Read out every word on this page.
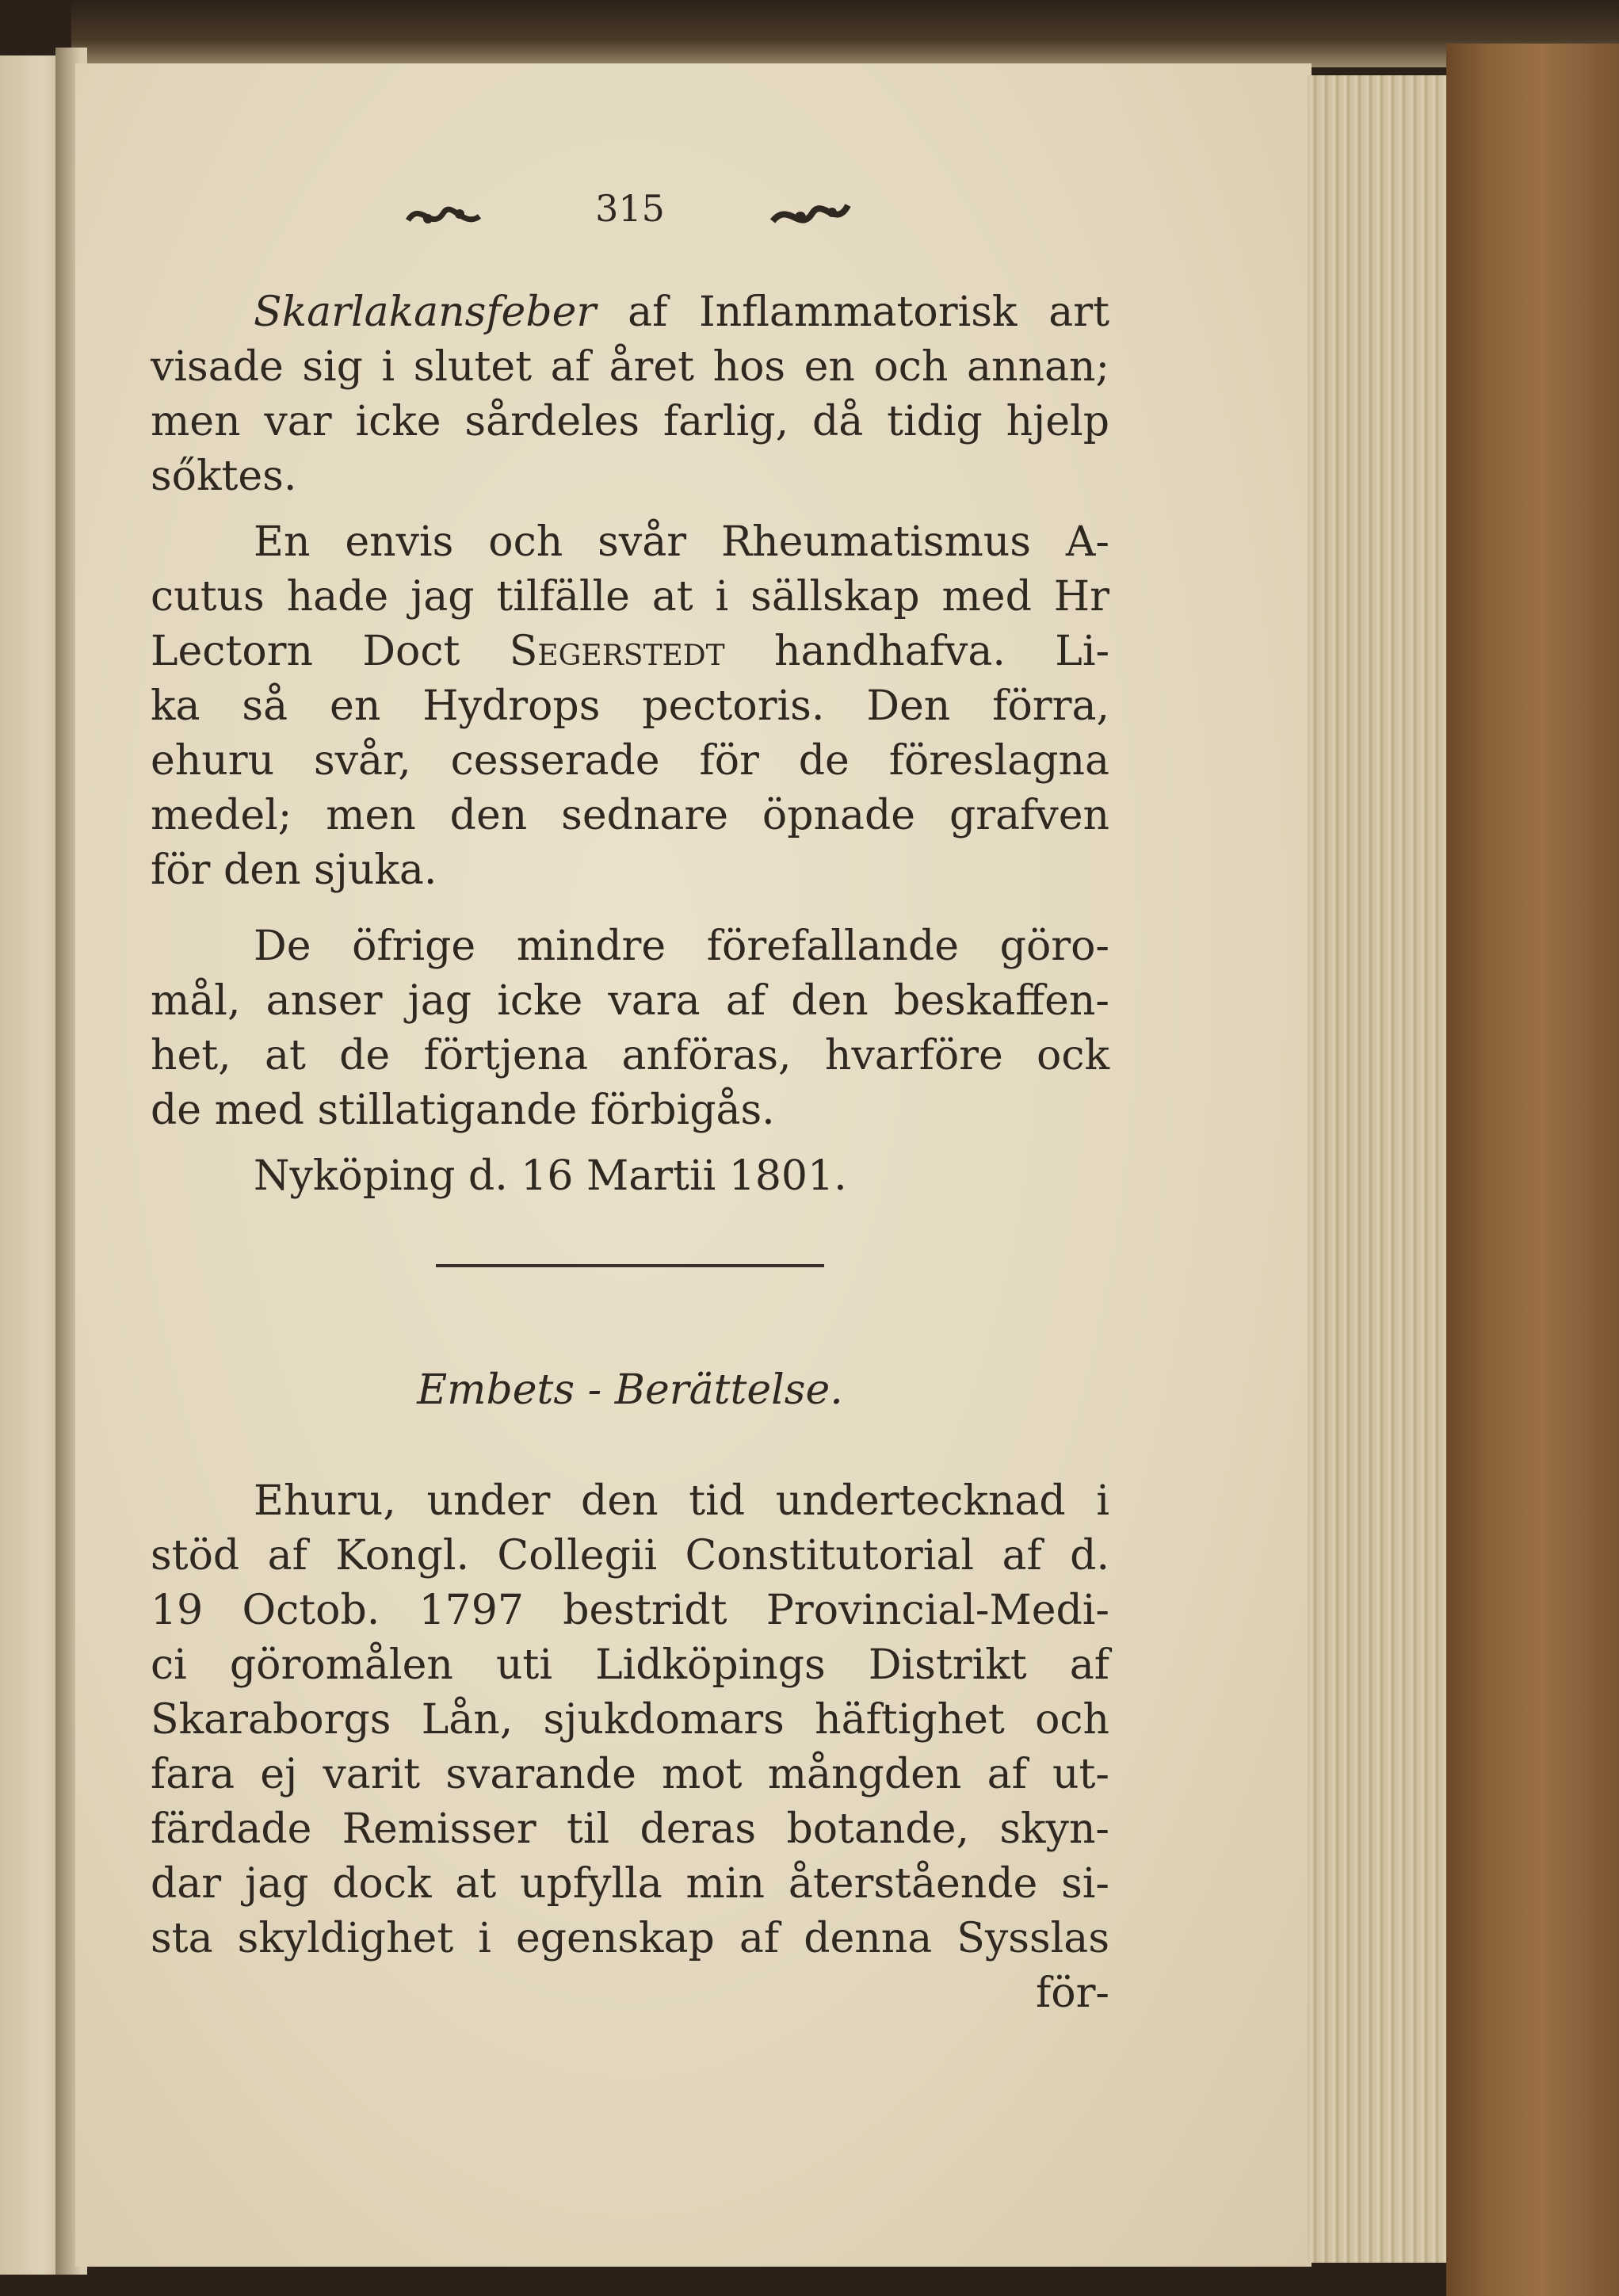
315
Skarlakansfeber af Inflammatorisk art
visade sig i slutet af året hos en och annan;
men var icke sårdeles farlig, då tidig hjelp
sőktes.
En envis och svår Rheumatismus A-
cutus hade jag tilfälle at i sällskap med Hr
Lectorn Doct Segerstedt handhafva. Li-
ka så en Hydrops pectoris. Den förra,
ehuru svår, cesserade för de föreslagna
medel; men den sednare öpnade grafven
för den sjuka.
De öfrige mindre förefallande görо-
mål, anser jag icke vara af den beskaffen-
het, at de förtjena anföras, hvarföre ock
de med stillatigande förbigås.
Nyköping d. 16 Martii 1801.
Embets - Berättelse.
Ehuru, under den tid undertecknad i
stöd af Kongl. Collegii Constitutorial af d.
19 Octob. 1797 bestridt Provincial-Medi-
ci göromålen uti Lidköpings Distrikt af
Skaraborgs Lån, sjukdomars häftighet och
fara ej varit svarande mot mångden af ut-
färdade Remisser til deras botande, skyn-
dar jag dock at upfylla min återstående si-
sta skyldighet i egenskap af denna Sysslas
för-
